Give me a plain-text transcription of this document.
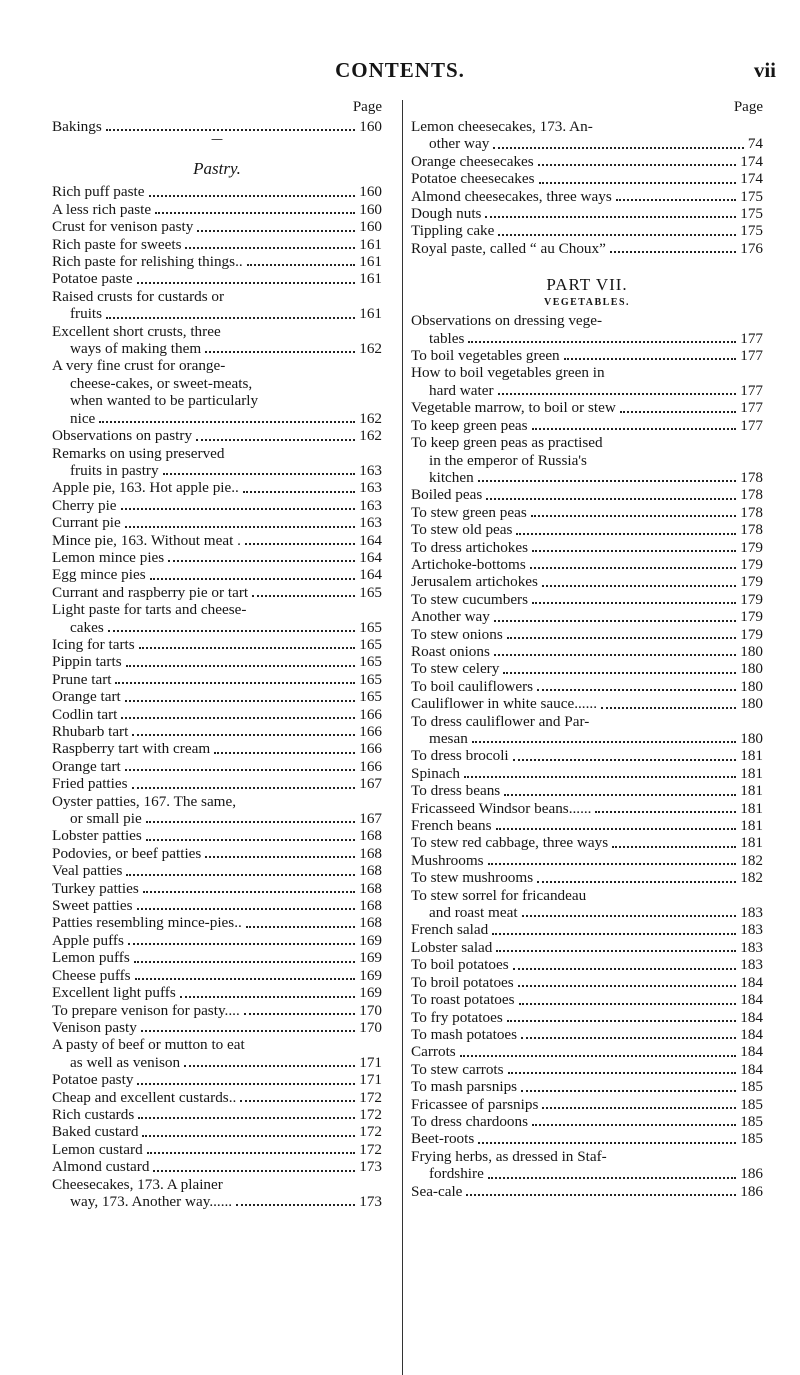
CONTENTS.	vii
Page
Bakings	160
—
Pastry.
Rich puff paste	160
A less rich paste	160
Crust for venison pasty	160
Rich paste for sweets	161
Rich paste for relishing things..	161
Potatoe paste	161
Raised crusts for custards or
fruits	161
Excellent short crusts, three
ways of making them	162
A very fine crust for orange-
cheese-cakes, or sweet-meats,
when wanted to be particularly
nice	162
Observations on pastry	162
Remarks on using preserved
fruits in pastry	163
Apple pie, 163. Hot apple pie..	163
Cherry pie	163
Currant pie	163
Mince pie, 163. Without meat .	164
Lemon mince pies	164
Egg mince pies	164
Currant and raspberry pie or tart	165
Light paste for tarts and cheese-
cakes	165
Icing for tarts	165
Pippin tarts	165
Prune tart	165
Orange tart	165
Codlin tart	166
Rhubarb tart	166
Raspberry tart with cream	166
Orange tart	166
Fried patties	167
Oyster patties, 167. The same,
or small pie	167
Lobster patties	168
Podovies, or beef patties	168
Veal patties	168
Turkey patties	168
Sweet patties	168
Patties resembling mince-pies..	168
Apple puffs	169
Lemon puffs	169
Cheese puffs	169
Excellent light puffs	169
To prepare venison for pasty....	170
Venison pasty	170
A pasty of beef or mutton to eat
as well as venison	171
Potatoe pasty	171
Cheap and excellent custards..	172
Rich custards	172
Baked custard	172
Lemon custard	172
Almond custard	173
Cheesecakes, 173. A plainer
way, 173. Another way......	173
Page
Lemon cheesecakes, 173. An-
other way	74
Orange cheesecakes	174
Potatoe cheesecakes	174
Almond cheesecakes, three ways	175
Dough nuts	175
Tippling cake	175
Royal paste, called “ au Choux”	176
PART VII.
VEGETABLES.
Observations on dressing vege-
tables	177
To boil vegetables green	177
How to boil vegetables green in
hard water	177
Vegetable marrow, to boil or stew	177
To keep green peas	177
To keep green peas as practised
in the emperor of Russia's
kitchen	178
Boiled peas	178
To stew green peas	178
To stew old peas	178
To dress artichokes	179
Artichoke-bottoms	179
Jerusalem artichokes	179
To stew cucumbers	179
Another way	179
To stew onions	179
Roast onions	180
To stew celery	180
To boil cauliflowers	180
Cauliflower in white sauce......	180
To dress cauliflower and Par-
mesan	180
To dress brocoli	181
Spinach	181
To dress beans	181
Fricasseed Windsor beans......	181
French beans	181
To stew red cabbage, three ways	181
Mushrooms	182
To stew mushrooms	182
To stew sorrel for fricandeau
and roast meat	183
French salad	183
Lobster salad	183
To boil potatoes	183
To broil potatoes	184
To roast potatoes	184
To fry potatoes	184
To mash potatoes	184
Carrots	184
To stew carrots	184
To mash parsnips	185
Fricassee of parsnips	185
To dress chardoons	185
Beet-roots	185
Frying herbs, as dressed in Staf-
fordshire	186
Sea-cale	186
